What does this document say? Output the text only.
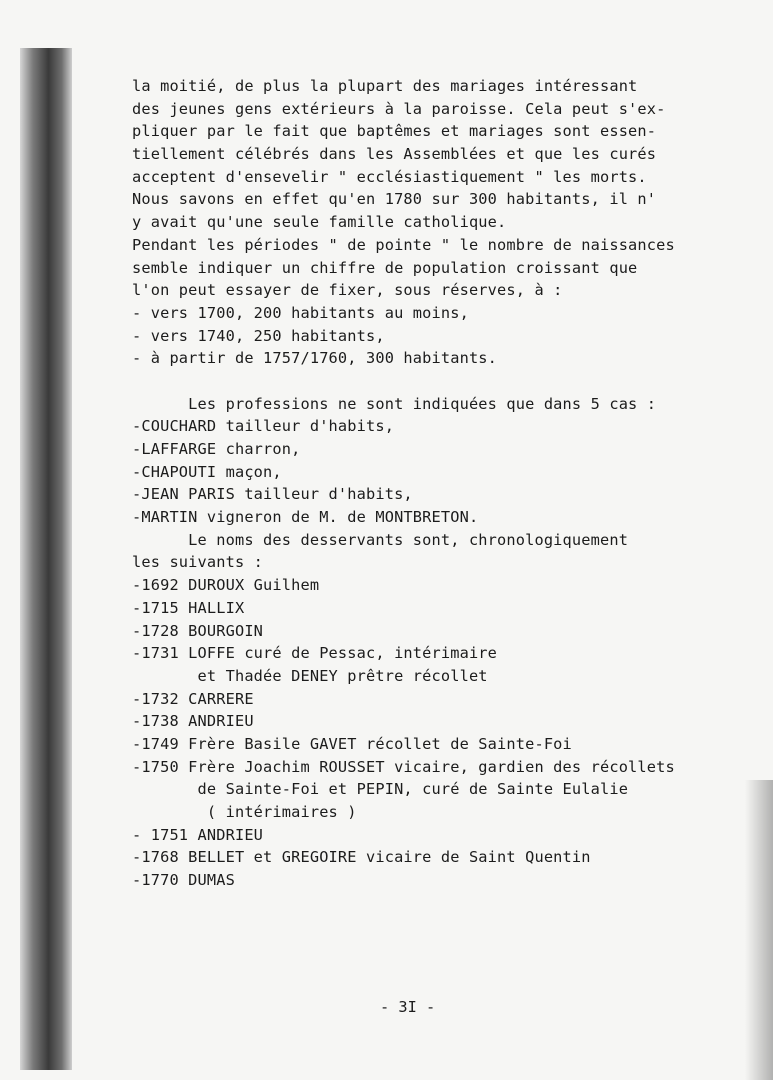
la moitié, de plus la plupart des mariages intéressant
des jeunes gens extérieurs à la paroisse. Cela peut s'ex-
pliquer par le fait que baptêmes et mariages sont essen-
tiellement célébrés dans les Assemblées et que les curés
acceptent d'ensevelir " ecclésiastiquement " les morts.
Nous savons en effet qu'en 1780 sur 300 habitants, il n'
y avait qu'une seule famille catholique.
Pendant les périodes " de pointe " le nombre de naissances
semble indiquer un chiffre de population croissant que
l'on peut essayer de fixer, sous réserves, à :
- vers 1700, 200 habitants au moins,
- vers 1740, 250 habitants,
- à partir de 1757/1760, 300 habitants.
Les professions ne sont indiquées que dans 5 cas :
-COUCHARD tailleur d'habits,
-LAFFARGE charron,
-CHAPOUTI maçon,
-JEAN PARIS tailleur d'habits,
-MARTIN vigneron de M. de MONTBRETON.
Le noms des desservants sont, chronologiquement
les suivants :
-1692 DUROUX Guilhem
-1715 HALLIX
-1728 BOURGOIN
-1731 LOFFE curé de Pessac, intérimaire
et Thadée DENEY prêtre récollet
-1732 CARRERE
-1738 ANDRIEU
-1749 Frère Basile GAVET récollet de Sainte-Foi
-1750 Frère Joachim ROUSSET vicaire, gardien des récollets
de Sainte-Foi et PEPIN, curé de Sainte Eulalie
( intérimaires )
- 1751 ANDRIEU
-1768 BELLET et GREGOIRE vicaire de Saint Quentin
-1770 DUMAS
- 3I -
